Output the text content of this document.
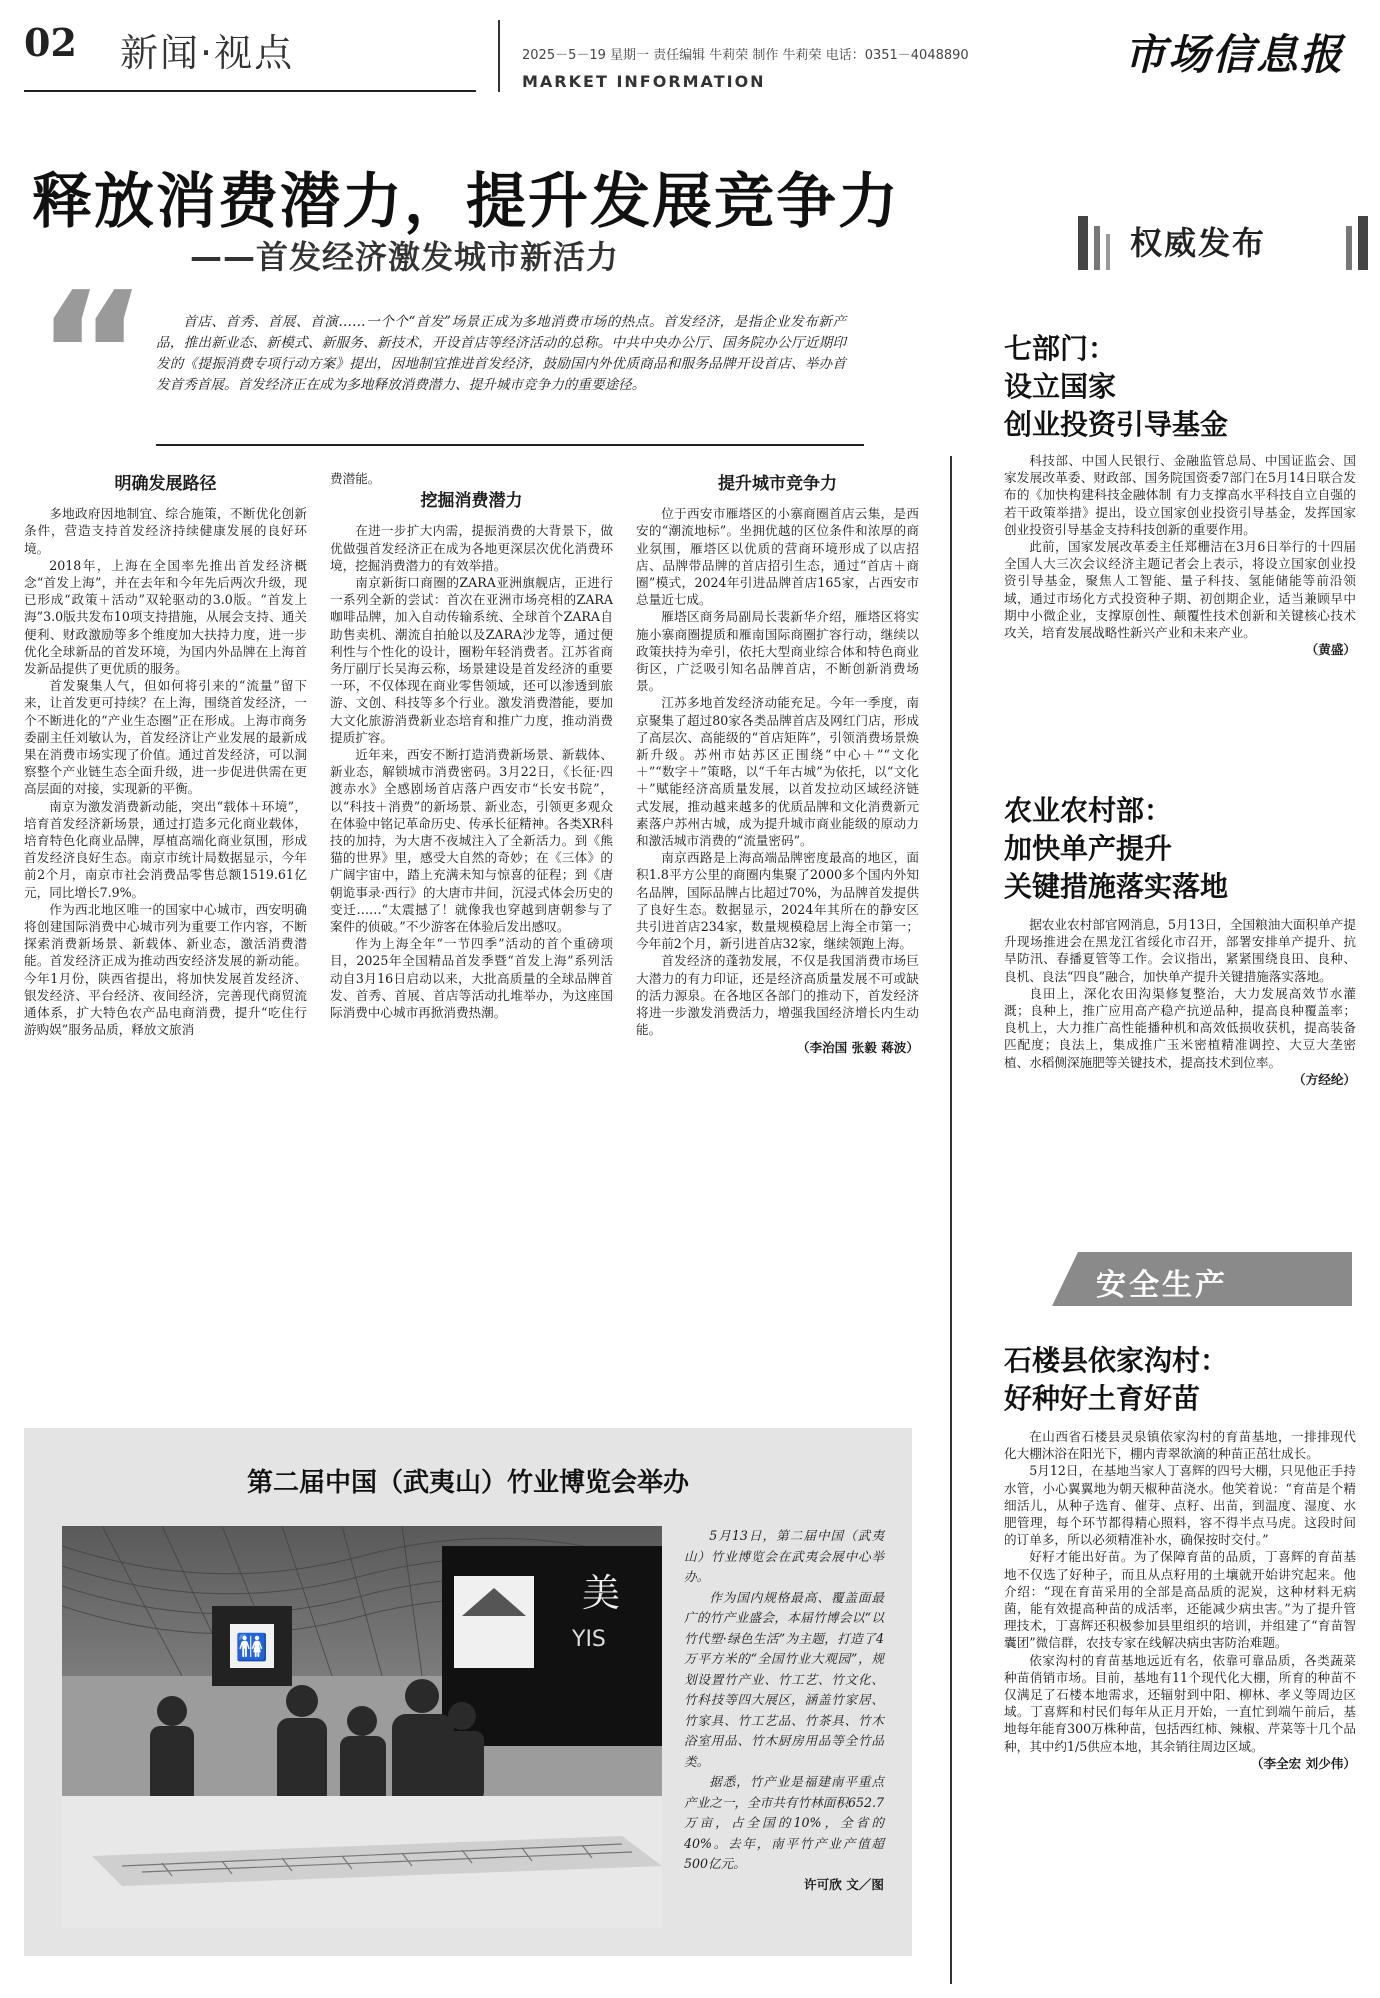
02 新闻·视点	2025－5－19 星期一 责任编辑 牛莉荣 制作 牛莉荣 电话：0351－4048890
MARKET INFORMATION
市场信息报
释放消费潜力，提升发展竞争力
——首发经济激发城市新活力
“	首店、首秀、首展、首演……一个个“首发”场景正成为多地消费市场的热点。首发经济，是指企业发布新产品，推出新业态、新模式、新服务、新技术，开设首店等经济活动的总称。中共中央办公厅、国务院办公厅近期印发的《提振消费专项行动方案》提出，因地制宜推进首发经济，鼓励国内外优质商品和服务品牌开设首店、举办首发首秀首展。首发经济正在成为多地释放消费潜力、提升城市竞争力的重要途径。

明确发展路径

多地政府因地制宜、综合施策，不断优化创新条件，营造支持首发经济持续健康发展的良好环境。

2018年，上海在全国率先推出首发经济概念“首发上海”，并在去年和今年先后两次升级，现已形成“政策＋活动”双轮驱动的3.0版。“首发上海”3.0版共发布10项支持措施，从展会支持、通关便利、财政激励等多个维度加大扶持力度，进一步优化全球新品的首发环境，为国内外品牌在上海首发新品提供了更优质的服务。

首发聚集人气，但如何将引来的“流量”留下来，让首发更可持续？在上海，围绕首发经济，一个不断进化的“产业生态圈”正在形成。上海市商务委副主任刘敏认为，首发经济让产业发展的最新成果在消费市场实现了价值。通过首发经济，可以洞察整个产业链生态全面升级，进一步促进供需在更高层面的对接，实现新的平衡。

南京为激发消费新动能，突出“载体＋环境”，培育首发经济新场景，通过打造多元化商业载体，培育特色化商业品牌，厚植高端化商业氛围，形成首发经济良好生态。南京市统计局数据显示，今年前2个月，南京市社会消费品零售总额1519.61亿元，同比增长7.9%。

作为西北地区唯一的国家中心城市，西安明确将创建国际消费中心城市列为重要工作内容，不断探索消费新场景、新载体、新业态，激活消费潜能。首发经济正成为推动西安经济发展的新动能。今年1月份，陕西省提出，将加快发展首发经济、银发经济、平台经济、夜间经济，完善现代商贸流通体系，扩大特色农产品电商消费，提升“吃住行游购娱”服务品质，释放文旅消

费潜能。

挖掘消费潜力

在进一步扩大内需，提振消费的大背景下，做优做强首发经济正在成为各地更深层次优化消费环境，挖掘消费潜力的有效举措。

南京新街口商圈的ZARA亚洲旗舰店，正进行一系列全新的尝试：首次在亚洲市场亮相的ZARA咖啡品牌，加入自动传输系统、全球首个ZARA自助售卖机、潮流自拍舱以及ZARA沙龙等，通过便利性与个性化的设计，圈粉年轻消费者。江苏省商务厅副厅长吴海云称，场景建设是首发经济的重要一环，不仅体现在商业零售领域，还可以渗透到旅游、文创、科技等多个行业。激发消费潜能，要加大文化旅游消费新业态培育和推广力度，推动消费提质扩容。

近年来，西安不断打造消费新场景、新载体、新业态，解锁城市消费密码。3月22日，《长征·四渡赤水》全感剧场首店落户西安市“长安书院”，以“科技＋消费”的新场景、新业态，引领更多观众在体验中铭记革命历史、传承长征精神。各类XR科技的加持，为大唐不夜城注入了全新活力。到《熊猫的世界》里，感受大自然的奇妙；在《三体》的广阔宇宙中，踏上充满未知与惊喜的征程；到《唐朝诡事录·西行》的大唐市井间，沉浸式体会历史的变迁……“太震撼了！就像我也穿越到唐朝参与了案件的侦破。”不少游客在体验后发出感叹。

作为上海全年“一节四季”活动的首个重磅项目，2025年全国精品首发季暨“首发上海”系列活动自3月16日启动以来，大批高质量的全球品牌首发、首秀、首展、首店等活动扎堆举办，为这座国际消费中心城市再掀消费热潮。

提升城市竞争力

位于西安市雁塔区的小寨商圈首店云集，是西安的“潮流地标”。坐拥优越的区位条件和浓厚的商业氛围，雁塔区以优质的营商环境形成了以店招店、品牌带品牌的首店招引生态，通过“首店＋商圈”模式，2024年引进品牌首店165家，占西安市总量近七成。

雁塔区商务局副局长裴新华介绍，雁塔区将实施小寨商圈提质和雁南国际商圈扩容行动，继续以政策扶持为牵引，依托大型商业综合体和特色商业街区，广泛吸引知名品牌首店，不断创新消费场景。

江苏多地首发经济动能充足。今年一季度，南京聚集了超过80家各类品牌首店及网红门店，形成了高层次、高能级的“首店矩阵”，引领消费场景焕新升级。苏州市姑苏区正围绕“中心＋”“文化＋”“数字＋”策略，以“千年古城”为依托，以“文化＋”赋能经济高质量发展，以首发拉动区域经济链式发展，推动越来越多的优质品牌和文化消费新元素落户苏州古城，成为提升城市商业能级的原动力和激活城市消费的“流量密码”。

南京西路是上海高端品牌密度最高的地区，面积1.8平方公里的商圈内集聚了2000多个国内外知名品牌，国际品牌占比超过70%，为品牌首发提供了良好生态。数据显示，2024年其所在的静安区共引进首店234家，数量规模稳居上海全市第一；今年前2个月，新引进首店32家，继续领跑上海。

首发经济的蓬勃发展，不仅是我国消费市场巨大潜力的有力印证，还是经济高质量发展不可或缺的活力源泉。在各地区各部门的推动下，首发经济将进一步激发消费活力，增强我国经济增长内生动能。

（李治国 张毅 蒋波）
第二届中国（武夷山）竹业博览会举办
🚻
美
YIS

5月13日，第二届中国（武夷山）竹业博览会在武夷会展中心举办。

作为国内规格最高、覆盖面最广的竹产业盛会，本届竹博会以“以竹代塑·绿色生活”为主题，打造了4万平方米的“全国竹业大观园”，规划设置竹产业、竹工艺、竹文化、竹科技等四大展区，涵盖竹家居、竹家具、竹工艺品、竹茶具、竹木浴室用品、竹木厨房用品等全竹品类。

据悉，竹产业是福建南平重点产业之一，全市共有竹林面积652.7万亩，占全国的10%，全省的40%。去年，南平竹产业产值超500亿元。

许可欣 文／图
权威发布
七部门：
设立国家
创业投资引导基金

科技部、中国人民银行、金融监管总局、中国证监会、国家发展改革委、财政部、国务院国资委7部门在5月14日联合发布的《加快构建科技金融体制 有力支撑高水平科技自立自强的若干政策举措》提出，设立国家创业投资引导基金，发挥国家创业投资引导基金支持科技创新的重要作用。

此前，国家发展改革委主任郑栅洁在3月6日举行的十四届全国人大三次会议经济主题记者会上表示，将设立国家创业投资引导基金，聚焦人工智能、量子科技、氢能储能等前沿领域，通过市场化方式投资种子期、初创期企业，适当兼顾早中期中小微企业，支撑原创性、颠覆性技术创新和关键核心技术攻关，培育发展战略性新兴产业和未来产业。

（黄盛）
农业农村部：
加快单产提升
关键措施落实落地

据农业农村部官网消息，5月13日，全国粮油大面积单产提升现场推进会在黑龙江省绥化市召开，部署安排单产提升、抗旱防汛、春播夏管等工作。会议指出，紧紧围绕良田、良种、良机、良法“四良”融合，加快单产提升关键措施落实落地。

良田上，深化农田沟渠修复整治，大力发展高效节水灌溉；良种上，推广应用高产稳产抗逆品种，提高良种覆盖率；良机上，大力推广高性能播种机和高效低损收获机，提高装备匹配度；良法上，集成推广玉米密植精准调控、大豆大垄密植、水稻侧深施肥等关键技术，提高技术到位率。

（方经纶）
安全生产
石楼县依家沟村：
好种好土育好苗

在山西省石楼县灵泉镇依家沟村的育苗基地，一排排现代化大棚沐浴在阳光下，棚内青翠欲滴的种苗正茁壮成长。

5月12日，在基地当家人丁喜辉的四号大棚，只见他正手持水管，小心翼翼地为朝天椒种苗浇水。他笑着说：“育苗是个精细活儿，从种子选育、催芽、点籽、出苗，到温度、湿度、水肥管理，每个环节都得精心照料，容不得半点马虎。这段时间的订单多，所以必须精准补水，确保按时交付。”

好籽才能出好苗。为了保障育苗的品质，丁喜辉的育苗基地不仅选了好种子，而且从点籽用的土壤就开始讲究起来。他介绍：“现在育苗采用的全部是高品质的泥炭，这种材料无病菌，能有效提高种苗的成活率，还能减少病虫害。”为了提升管理技术，丁喜辉还积极参加县里组织的培训，并组建了“育苗智囊团”微信群，农技专家在线解决病虫害防治难题。

依家沟村的育苗基地远近有名，依靠可靠品质，各类蔬菜种苗俏销市场。目前，基地有11个现代化大棚，所育的种苗不仅满足了石楼本地需求，还辐射到中阳、柳林、孝义等周边区域。丁喜辉和村民们每年从正月开始，一直忙到端午前后，基地每年能育300万株种苗，包括西红柿、辣椒、芹菜等十几个品种，其中约1/5供应本地，其余销往周边区域。

（李全宏 刘少伟）
